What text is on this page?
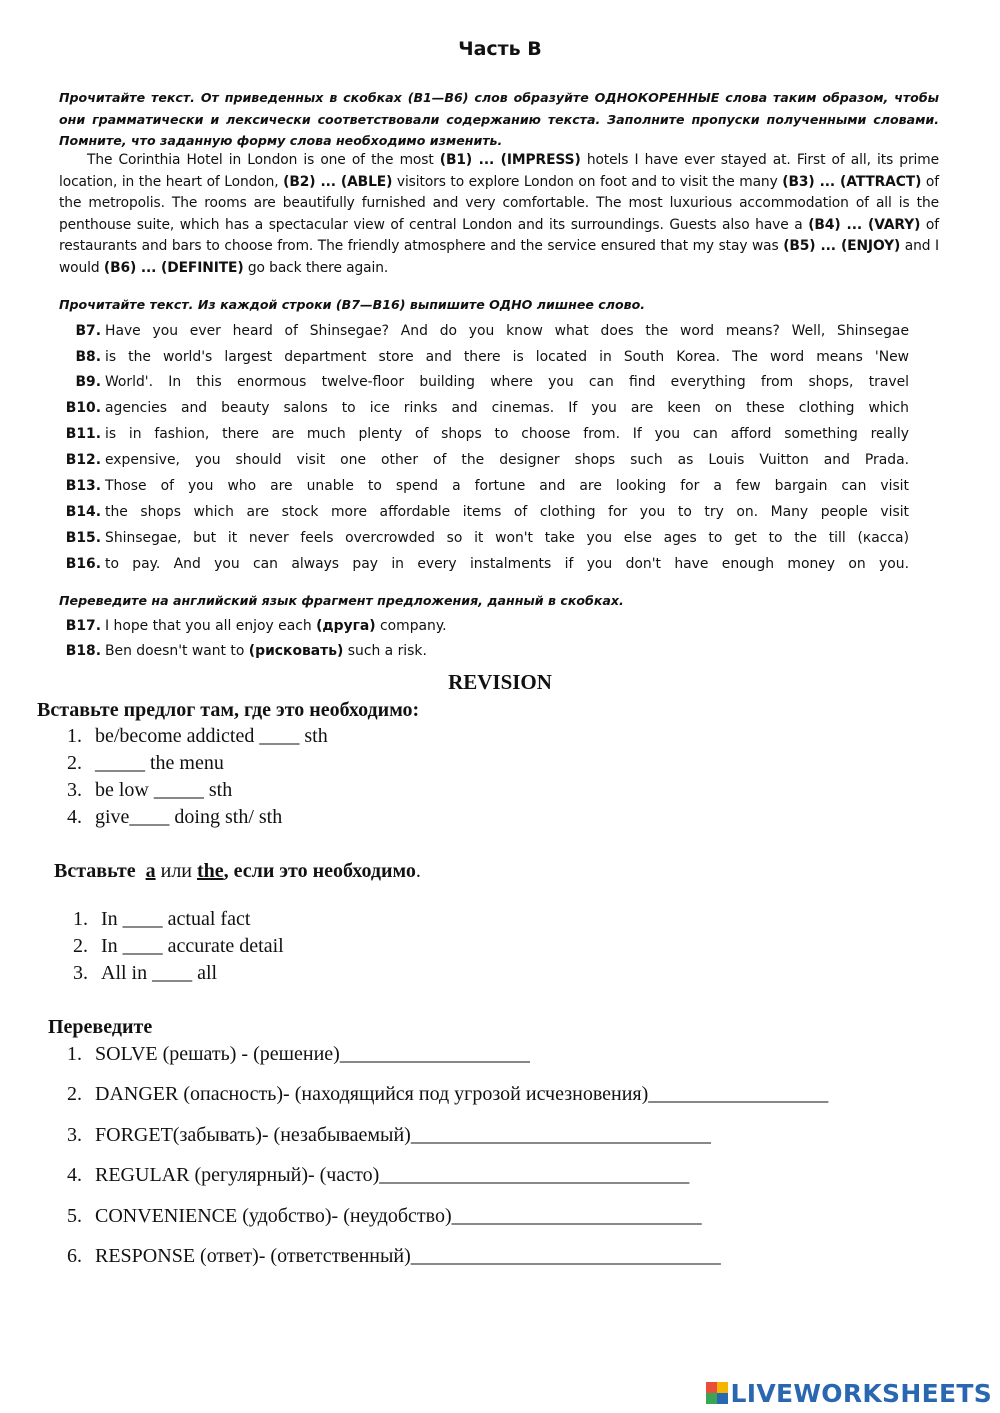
Часть B
Прочитайте текст. От приведенных в скобках (B1—B6) слов образуйте ОДНОКОРЕННЫЕ слова таким образом, чтобы они грамматически и лексически соответствовали содержанию текста. Заполните пропуски полученными словами. Помните, что заданную форму слова необходимо изменить.
The Corinthia Hotel in London is one of the most (B1) ... (IMPRESS) hotels I have ever stayed at. First of all, its prime location, in the heart of London, (B2) ... (ABLE) visitors to explore London on foot and to visit the many (B3) ... (ATTRACT) of the metropolis. The rooms are beautifully furnished and very comfortable. The most luxurious accommodation of all is the penthouse suite, which has a spectacular view of central London and its surroundings. Guests also have a (B4) ... (VARY) of restaurants and bars to choose from. The friendly atmosphere and the service ensured that my stay was (B5) ... (ENJOY) and I would (B6) ... (DEFINITE) go back there again.
Прочитайте текст. Из каждой строки (B7—B16) выпишите ОДНО лишнее слово.
B7. Have you ever heard of Shinsegae? And do you know what does the word means? Well, Shinsegae
B8. is the world's largest department store and there is located in South Korea. The word means 'New
B9. World'. In this enormous twelve-floor building where you can find everything from shops, travel
B10. agencies and beauty salons to ice rinks and cinemas. If you are keen on these clothing which
B11. is in fashion, there are much plenty of shops to choose from. If you can afford something really
B12. expensive, you should visit one other of the designer shops such as Louis Vuitton and Prada.
B13. Those of you who are unable to spend a fortune and are looking for a few bargain can visit
B14. the shops which are stock more affordable items of clothing for you to try on. Many people visit
B15. Shinsegae, but it never feels overcrowded so it won't take you else ages to get to the till (касса)
B16. to pay. And you can always pay in every instalments if you don't have enough money on you.
Переведите на английский язык фрагмент предложения, данный в скобках.
B17. I hope that you all enjoy each (друга) company.
B18. Ben doesn't want to (рисковать) such a risk.
REVISION
Вставьте предлог там, где это необходимо:
1. be/become addicted ____ sth
2. _____ the menu
3. be low _____ sth
4. give____ doing sth/ sth
Вставьте a или the, если это необходимо.
1. In ____ actual fact
2. In ____ accurate detail
3. All in ____ all
Переведите
1. SOLVE (решать) - (решение)___________________
2. DANGER (опасность)- (находящийся под угрозой исчезновения)__________________
3. FORGET(забывать)- (незабываемый)______________________________
4. REGULAR (регулярный)- (часто)_______________________________
5. CONVENIENCE (удобство)- (неудобство)_________________________
6. RESPONSE (ответ)- (ответственный)_______________________________
LIVEWORKSHEETS
